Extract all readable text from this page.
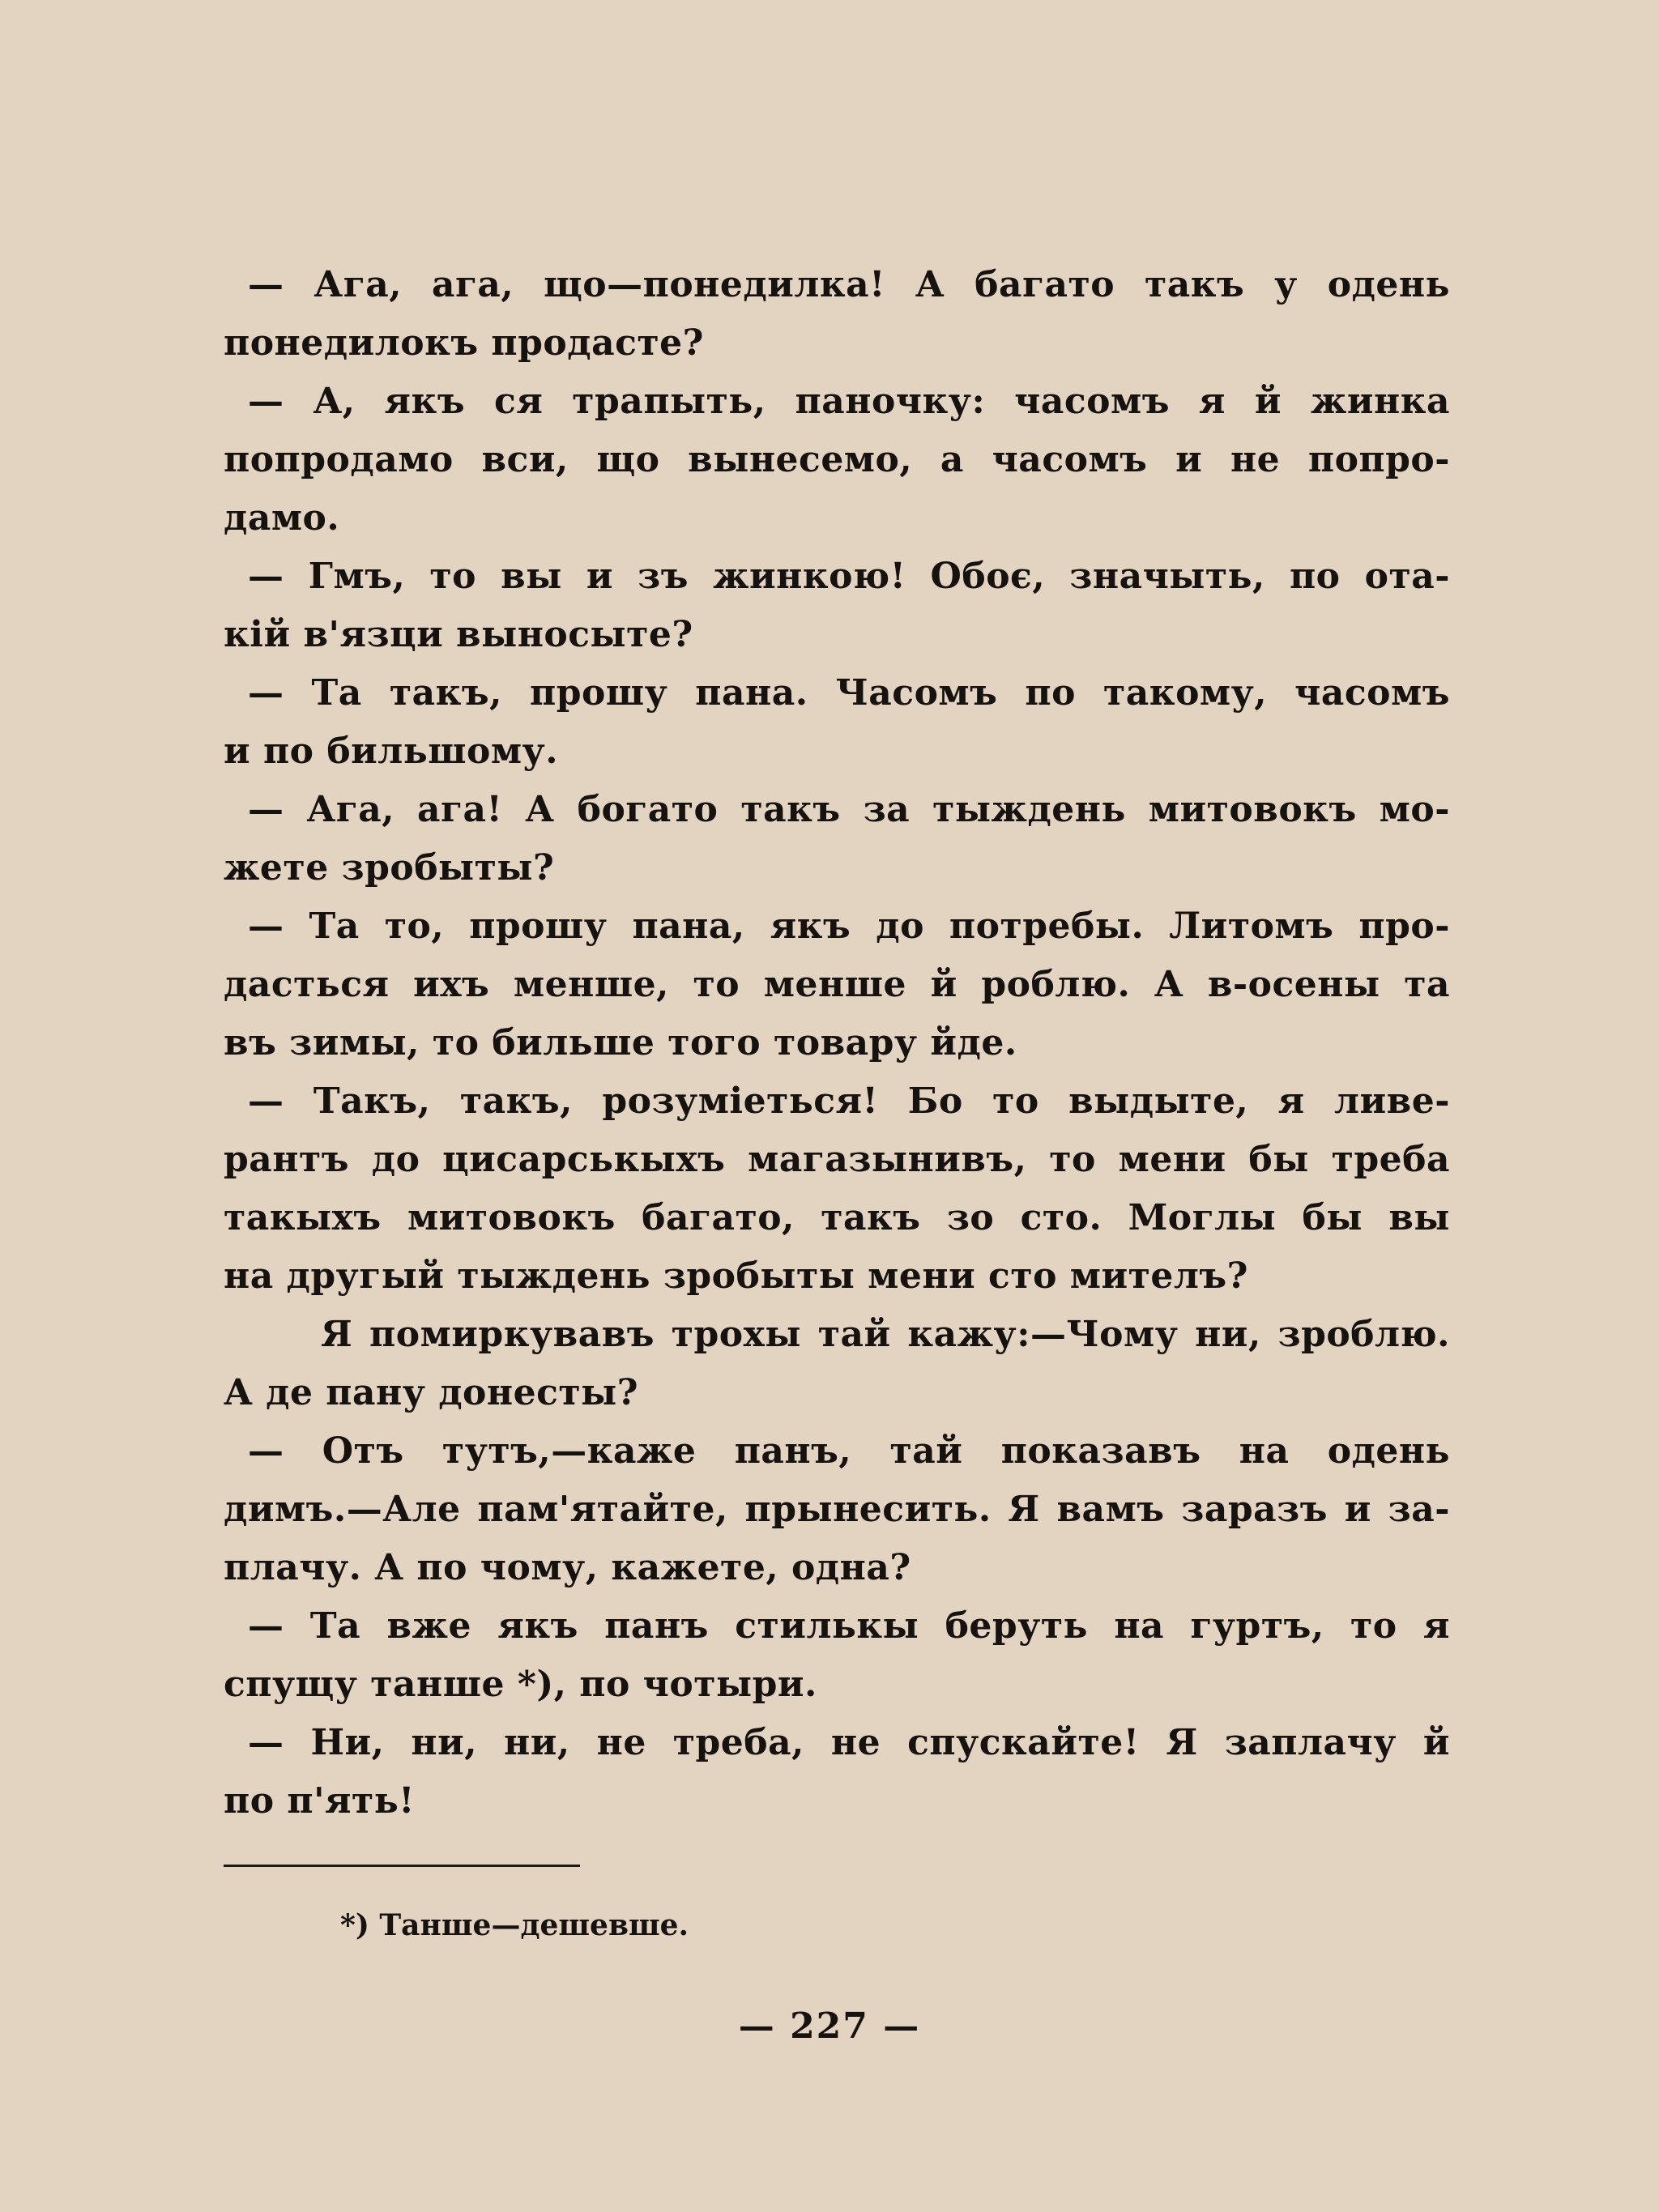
— Ага, ага, що—понедилка! А багато такъ у одень
понедилокъ продасте?
— А, якъ ся трапыть, паночку: часомъ я й жинка
попродамо вси, що вынесемо, а часомъ и не попро-
дамо.
— Гмъ, то вы и зъ жинкою! Обоє, значыть, по ота-
кій в'язци выносыте?
— Та такъ, прошу пана. Часомъ по такому, часомъ
и по бильшому.
— Ага, ага! А богато такъ за тыждень митовокъ мо-
жете зробыты?
— Та то, прошу пана, якъ до потребы. Литомъ про-
дасться ихъ менше, то менше й роблю. А в-осены та
въ зимы, то бильше того товару йде.
— Такъ, такъ, розуміеться! Бо то выдыте, я ливе-
рантъ до цисарськыхъ магазынивъ, то мени бы треба
такыхъ митовокъ багато, такъ зо сто. Моглы бы вы
на другый тыждень зробыты мени сто мителъ?
Я помиркувавъ трохы тай кажу:—Чому ни, зроблю.
А де пану донесты?
— Отъ тутъ,—каже панъ, тай показавъ на одень
димъ.—Але пам'ятайте, прынесить. Я вамъ заразъ и за-
плачу. А по чому, кажете, одна?
— Та вже якъ панъ стилькы беруть на гуртъ, то я
спущу танше *), по чотыри.
— Ни, ни, ни, не треба, не спускайте! Я заплачу й
по п'ять!
*) Танше—дешевше.
— 227 —
